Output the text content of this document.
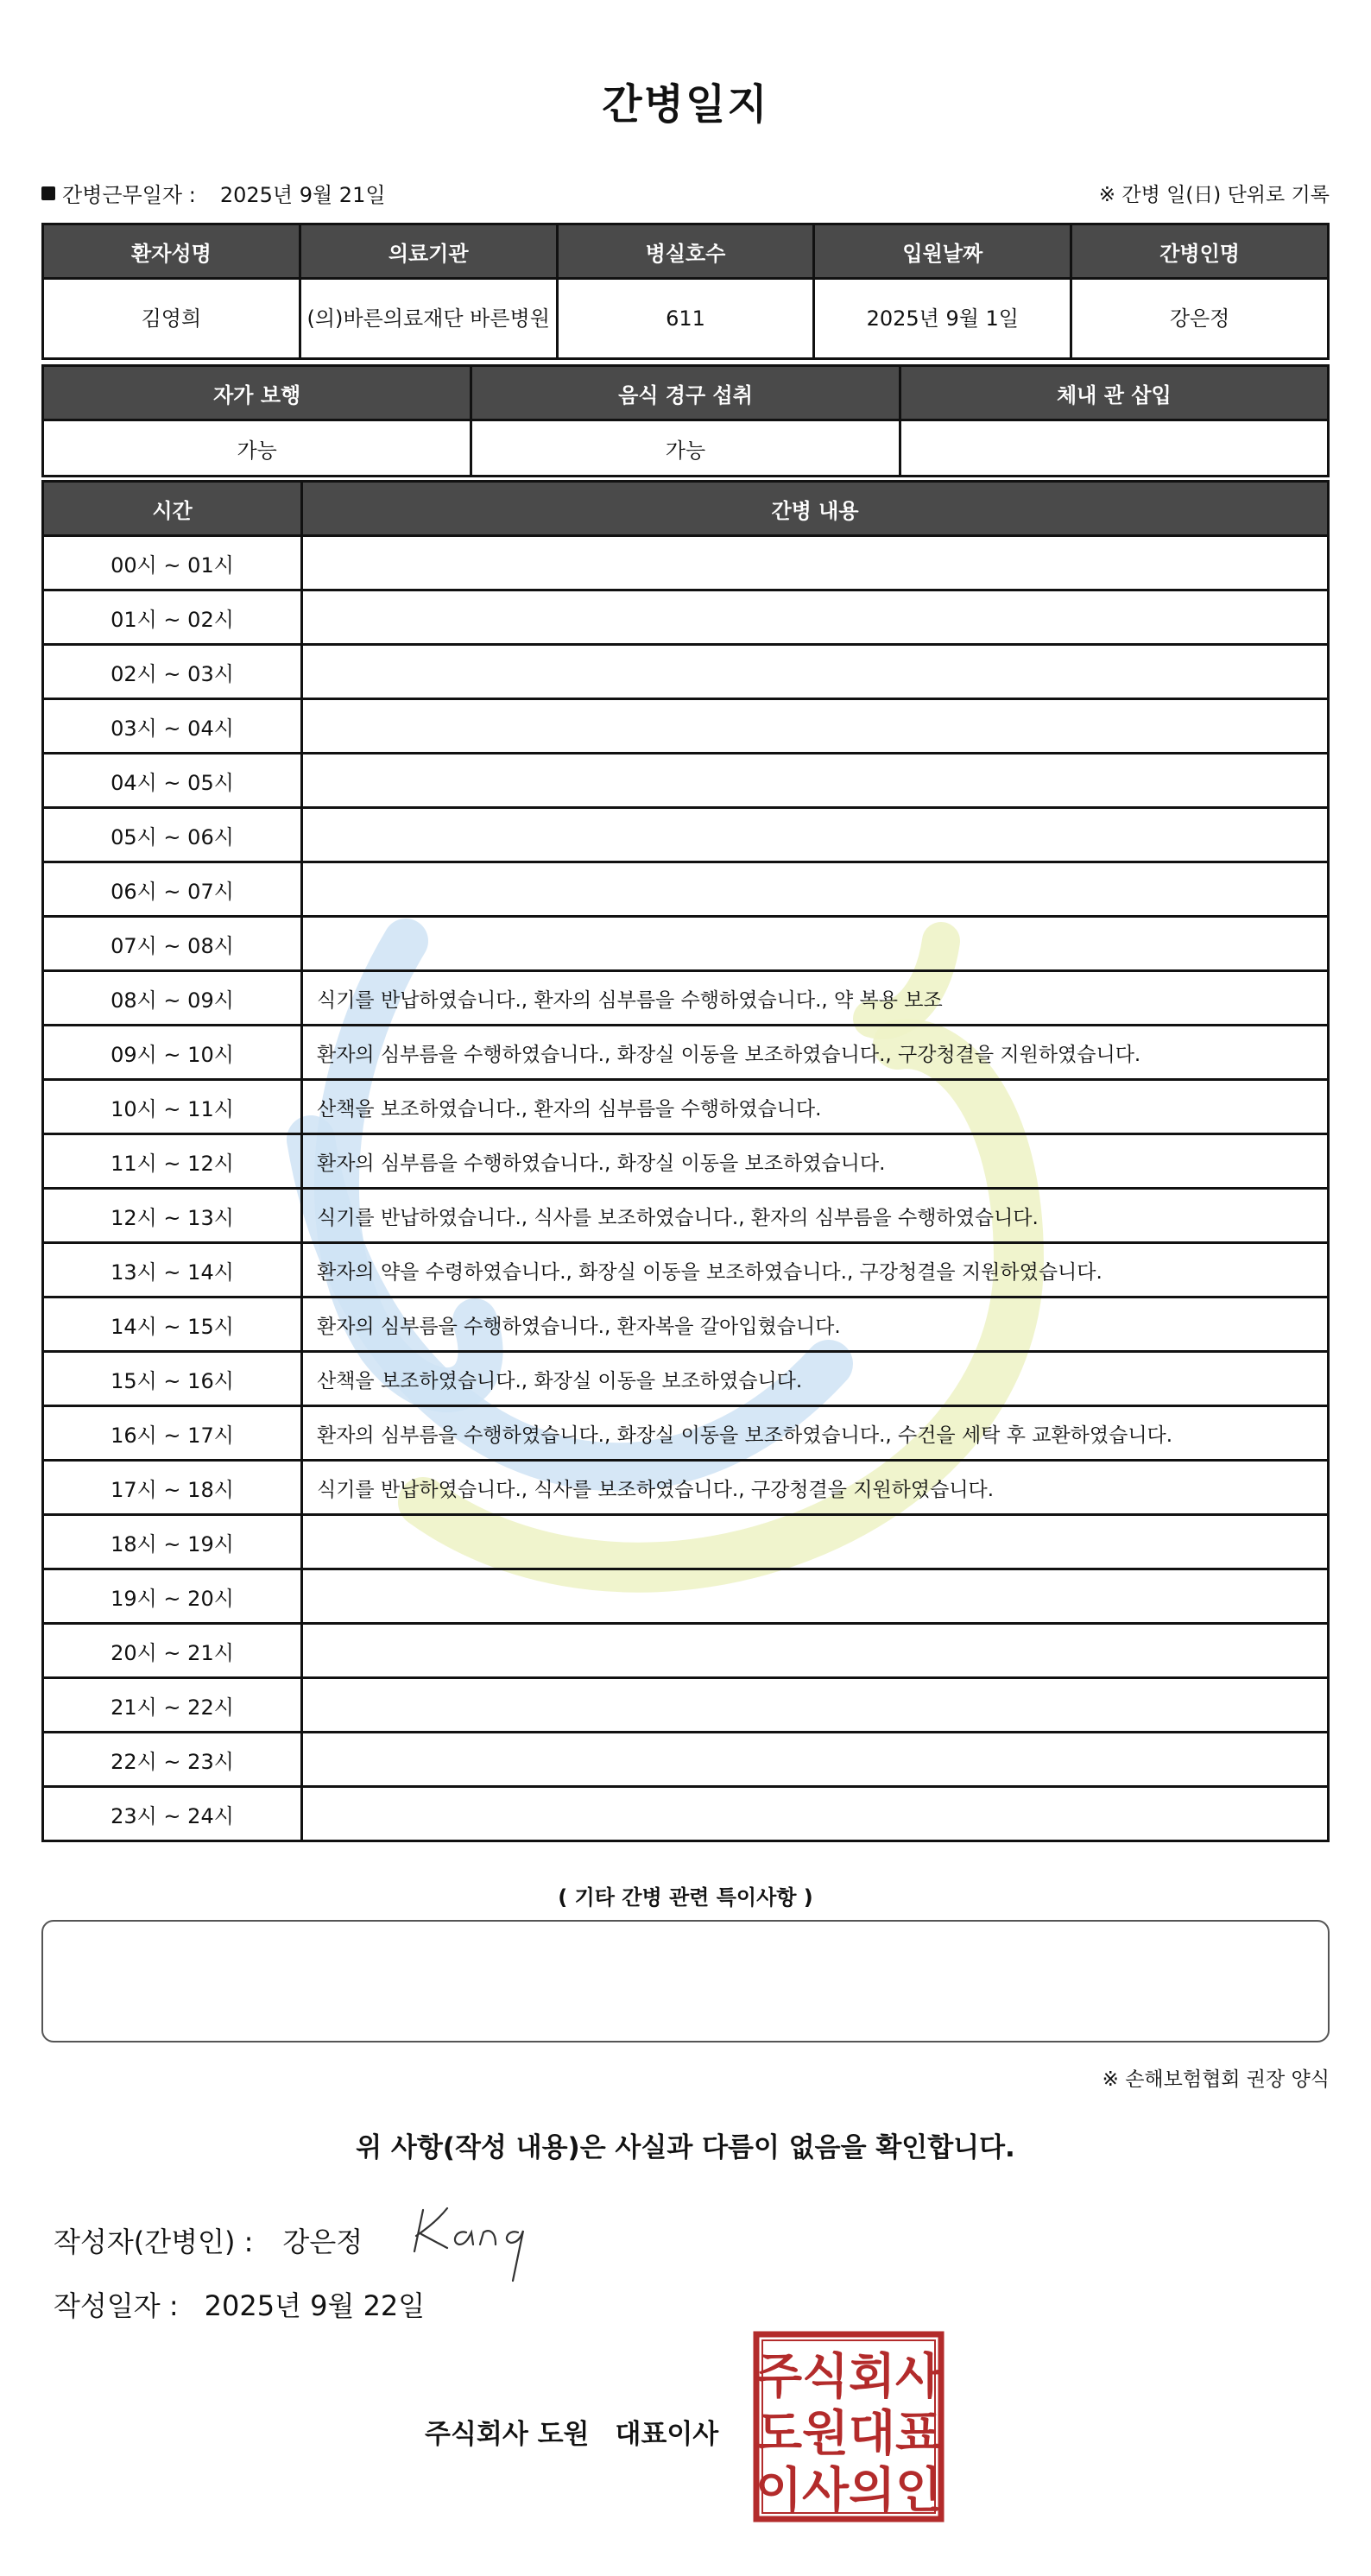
간병일지
간병근무일자 : 2025년 9월 21일	※ 간병 일(日) 단위로 기록
환자성명	의료기관	병실호수	입원날짜	간병인명
김영희	(의)바른의료재단 바른병원	611	2025년 9월 1일	강은정
자가 보행	음식 경구 섭취	체내 관 삽입
가능	가능	
시간	간병 내용
00시 ~ 01시	
01시 ~ 02시	
02시 ~ 03시	
03시 ~ 04시	
04시 ~ 05시	
05시 ~ 06시	
06시 ~ 07시	
07시 ~ 08시	
08시 ~ 09시	식기를 반납하였습니다., 환자의 심부름을 수행하였습니다., 약 복용 보조
09시 ~ 10시	환자의 심부름을 수행하였습니다., 화장실 이동을 보조하였습니다., 구강청결을 지원하였습니다.
10시 ~ 11시	산책을 보조하였습니다., 환자의 심부름을 수행하였습니다.
11시 ~ 12시	환자의 심부름을 수행하였습니다., 화장실 이동을 보조하였습니다.
12시 ~ 13시	식기를 반납하였습니다., 식사를 보조하였습니다., 환자의 심부름을 수행하였습니다.
13시 ~ 14시	환자의 약을 수령하였습니다., 화장실 이동을 보조하였습니다., 구강청결을 지원하였습니다.
14시 ~ 15시	환자의 심부름을 수행하였습니다., 환자복을 갈아입혔습니다.
15시 ~ 16시	산책을 보조하였습니다., 화장실 이동을 보조하였습니다.
16시 ~ 17시	환자의 심부름을 수행하였습니다., 화장실 이동을 보조하였습니다., 수건을 세탁 후 교환하였습니다.
17시 ~ 18시	식기를 반납하였습니다., 식사를 보조하였습니다., 구강청결을 지원하였습니다.
18시 ~ 19시	
19시 ~ 20시	
20시 ~ 21시	
21시 ~ 22시	
22시 ~ 23시	
23시 ~ 24시	
( 기타 간병 관련 특이사항 )
※ 손해보험협회 권장 양식
위 사항(작성 내용)은 사실과 다름이 없음을 확인합니다.
작성자(간병인) : 강은정
작성일자 : 2025년 9월 22일
주식회사 도원 대표이사
주 식 회 사
도 원 대 표
이 사 의 인
